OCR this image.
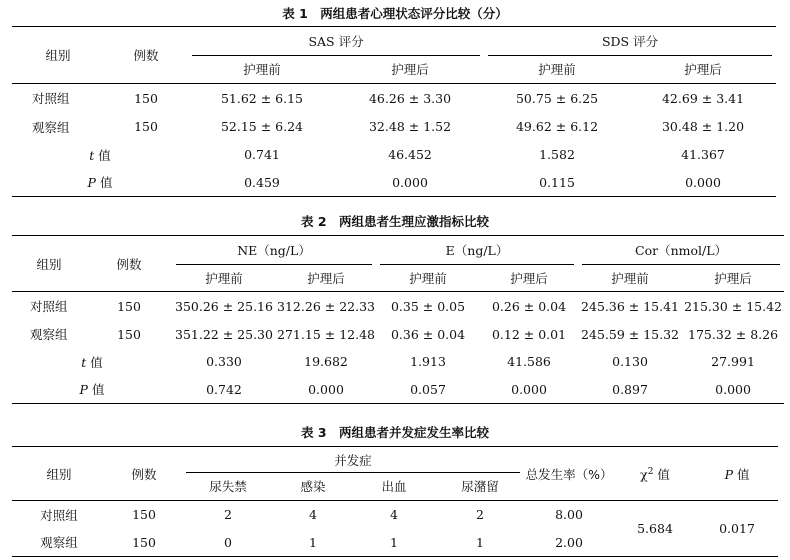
表 1　两组患者心理状态评分比较（分）
组别	例数	SAS 评分		SDS 评分	

		护理前	护理后	护理前	护理后
对照组	150	51.62 ± 6.15	46.26 ± 3.30	50.75 ± 6.25	42.69 ± 3.41
观察组	150	52.15 ± 6.24	32.48 ± 1.52	49.62 ± 6.12	30.48 ± 1.20
t 值		0.741	46.452	1.582	41.367
P 值		0.459	0.000	0.115	0.000
表 2　两组患者生理应激指标比较
组别	例数	NE（ng/L）		E（ng/L）		Cor（nmol/L）	

		护理前	护理后	护理前	护理后	护理前	护理后
对照组	150	350.26 ± 25.16	312.26 ± 22.33	0.35 ± 0.05	0.26 ± 0.04	245.36 ± 15.41	215.30 ± 15.42
观察组	150	351.22 ± 25.30	271.15 ± 12.48	0.36 ± 0.04	0.12 ± 0.01	245.59 ± 15.32	175.32 ± 8.26
t 值		0.330	19.682	1.913	41.586	0.130	27.991
P 值		0.742	0.000	0.057	0.000	0.897	0.000
表 3　两组患者并发症发生率比较
组别	例数	并发症				总发生率（%）	$\chi^2$ 值	P 值
		尿失禁	感染	出血	尿潴留			
对照组	150	2	4	4	2	8.00	5.684	0.017
观察组	150	0	1	1	1	2.00		
